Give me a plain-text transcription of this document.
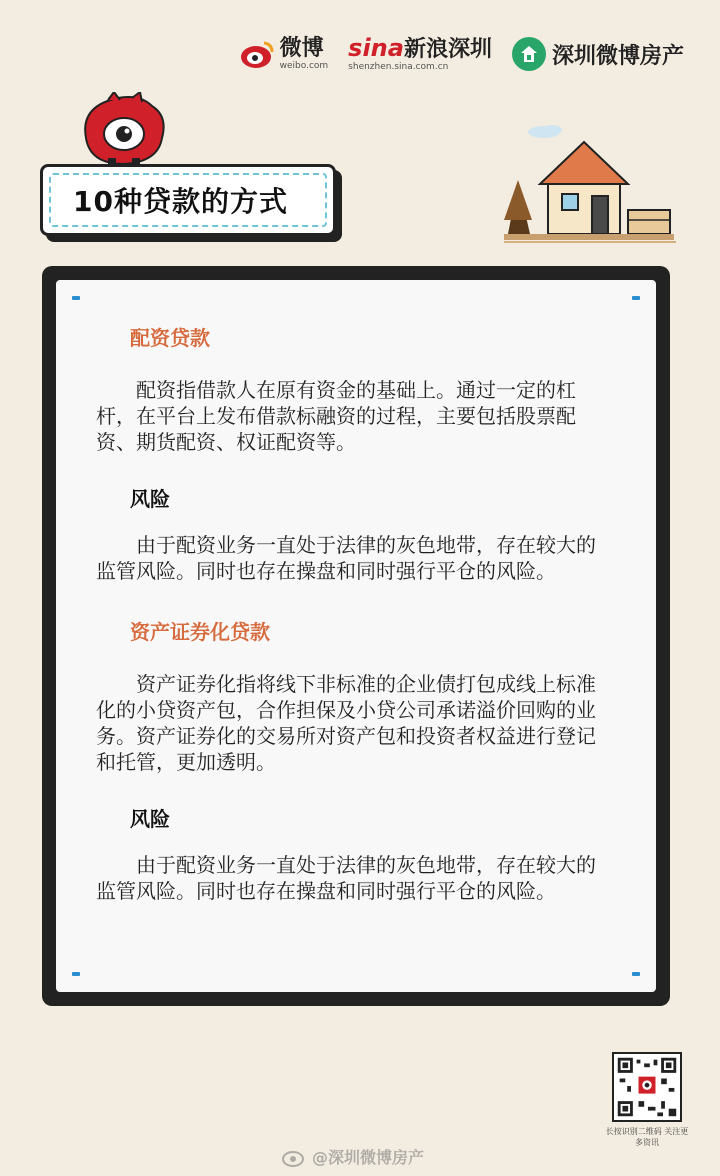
微博
weibo.com
sina新浪深圳
shenzhen.sina.com.cn	深圳微博房产
10种贷款的方式
配资贷款

配资指借款人在原有资金的基础上。通过一定的杠杆，在平台上发布借款标融资的过程，主要包括股票配资、期货配资、权证配资等。

风险

由于配资业务一直处于法律的灰色地带，存在较大的监管风险。同时也存在操盘和同时强行平仓的风险。

资产证券化贷款

资产证券化指将线下非标准的企业债打包成线上标准化的小贷资产包，合作担保及小贷公司承诺溢价回购的业务。资产证券化的交易所对资产包和投资者权益进行登记和托管，更加透明。

风险

由于配资业务一直处于法律的灰色地带，存在较大的监管风险。同时也存在操盘和同时强行平仓的风险。

长按识别二维码 关注更多资讯
@深圳微博房产
